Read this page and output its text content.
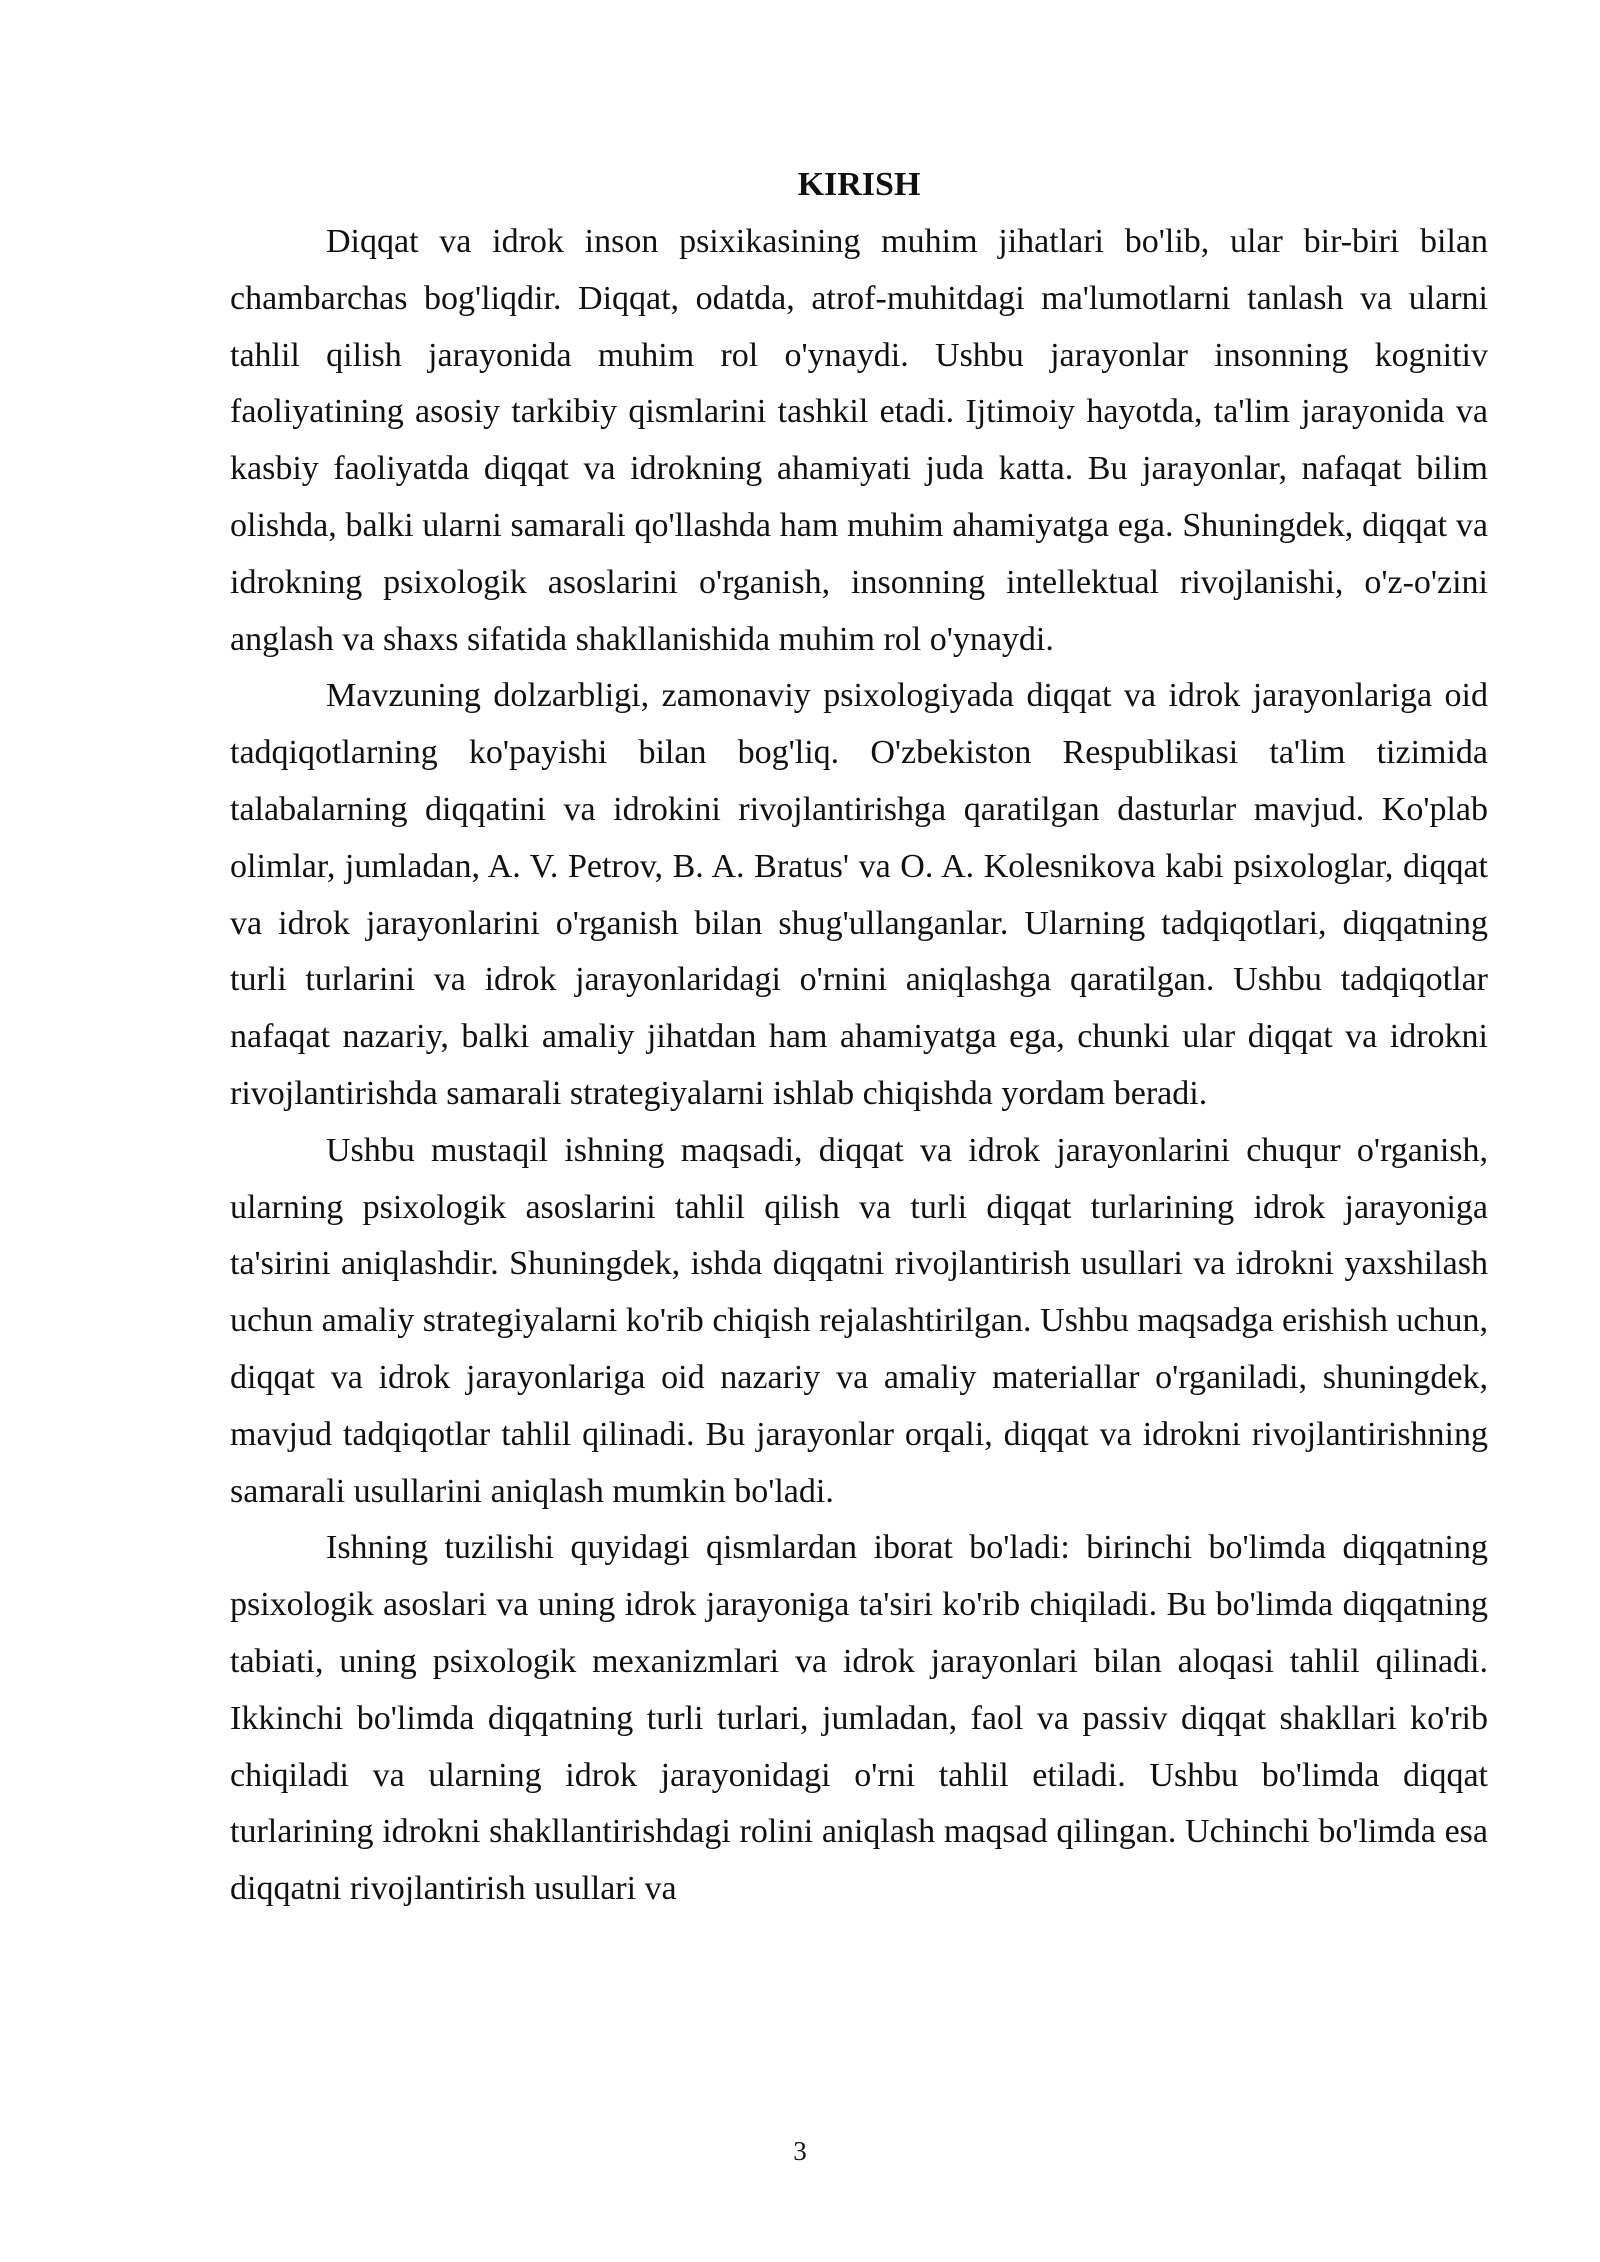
KIRISH

Diqqat va idrok inson psixikasining muhim jihatlari bo'lib, ular bir-biri bilan chambarchas bog'liqdir. Diqqat, odatda, atrof-muhitdagi ma'lumotlarni tanlash va ularni tahlil qilish jarayonida muhim rol o'ynaydi. Ushbu jarayonlar insonning kognitiv faoliyatining asosiy tarkibiy qismlarini tashkil etadi. Ijtimoiy hayotda, ta'lim jarayonida va kasbiy faoliyatda diqqat va idrokning ahamiyati juda katta. Bu jarayonlar, nafaqat bilim olishda, balki ularni samarali qo'llashda ham muhim ahamiyatga ega. Shuningdek, diqqat va idrokning psixologik asoslarini o'rganish, insonning intellektual rivojlanishi, o'z-o'zini anglash va shaxs sifatida shakllanishida muhim rol o'ynaydi.

Mavzuning dolzarbligi, zamonaviy psixologiyada diqqat va idrok jarayonlariga oid tadqiqotlarning ko'payishi bilan bog'liq. O'zbekiston Respublikasi ta'lim tizimida talabalarning diqqatini va idrokini rivojlantirishga qaratilgan dasturlar mavjud. Ko'plab olimlar, jumladan, A. V. Petrov, B. A. Bratus' va O. A. Kolesnikova kabi psixologlar, diqqat va idrok jarayonlarini o'rganish bilan shug'ullanganlar. Ularning tadqiqotlari, diqqatning turli turlarini va idrok jarayonlaridagi o'rnini aniqlashga qaratilgan. Ushbu tadqiqotlar nafaqat nazariy, balki amaliy jihatdan ham ahamiyatga ega, chunki ular diqqat va idrokni rivojlantirishda samarali strategiyalarni ishlab chiqishda yordam beradi.

Ushbu mustaqil ishning maqsadi, diqqat va idrok jarayonlarini chuqur o'rganish, ularning psixologik asoslarini tahlil qilish va turli diqqat turlarining idrok jarayoniga ta'sirini aniqlashdir. Shuningdek, ishda diqqatni rivojlantirish usullari va idrokni yaxshilash uchun amaliy strategiyalarni ko'rib chiqish rejalashtirilgan. Ushbu maqsadga erishish uchun, diqqat va idrok jarayonlariga oid nazariy va amaliy materiallar o'rganiladi, shuningdek, mavjud tadqiqotlar tahlil qilinadi. Bu jarayonlar orqali, diqqat va idrokni rivojlantirishning samarali usullarini aniqlash mumkin bo'ladi.

Ishning tuzilishi quyidagi qismlardan iborat bo'ladi: birinchi bo'limda diqqatning psixologik asoslari va uning idrok jarayoniga ta'siri ko'rib chiqiladi. Bu bo'limda diqqatning tabiati, uning psixologik mexanizmlari va idrok jarayonlari bilan aloqasi tahlil qilinadi. Ikkinchi bo'limda diqqatning turli turlari, jumladan, faol va passiv diqqat shakllari ko'rib chiqiladi va ularning idrok jarayonidagi o'rni tahlil etiladi. Ushbu bo'limda diqqat turlarining idrokni shakllantirishdagi rolini aniqlash maqsad qilingan. Uchinchi bo'limda esa diqqatni rivojlantirish usullari va

3
